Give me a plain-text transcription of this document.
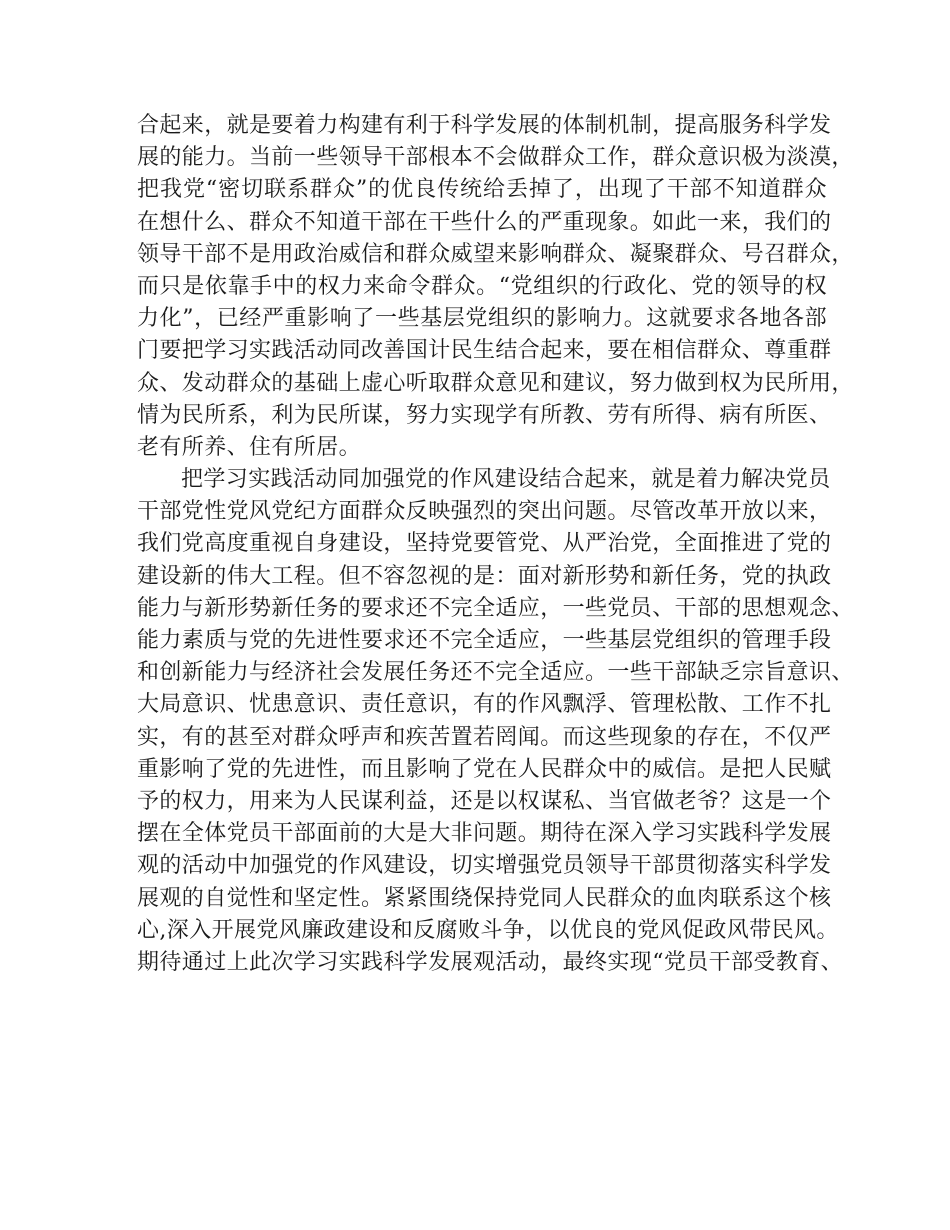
合起来，就是要着力构建有利于科学发展的体制机制，提高服务科学发
展的能力。当前一些领导干部根本不会做群众工作，群众意识极为淡漠，
把我党“密切联系群众”的优良传统给丢掉了，出现了干部不知道群众
在想什么、群众不知道干部在干些什么的严重现象。如此一来，我们的
领导干部不是用政治威信和群众威望来影响群众、凝聚群众、号召群众，
而只是依靠手中的权力来命令群众。“党组织的行政化、党的领导的权
力化”，已经严重影响了一些基层党组织的影响力。这就要求各地各部
门要把学习实践活动同改善国计民生结合起来，要在相信群众、尊重群
众、发动群众的基础上虚心听取群众意见和建议，努力做到权为民所用，
情为民所系，利为民所谋，努力实现学有所教、劳有所得、病有所医、
老有所养、住有所居。
把学习实践活动同加强党的作风建设结合起来，就是着力解决党员
干部党性党风党纪方面群众反映强烈的突出问题。尽管改革开放以来，
我们党高度重视自身建设，坚持党要管党、从严治党，全面推进了党的
建设新的伟大工程。但不容忽视的是：面对新形势和新任务，党的执政
能力与新形势新任务的要求还不完全适应，一些党员、干部的思想观念、
能力素质与党的先进性要求还不完全适应，一些基层党组织的管理手段
和创新能力与经济社会发展任务还不完全适应。一些干部缺乏宗旨意识、
大局意识、忧患意识、责任意识，有的作风飘浮、管理松散、工作不扎
实，有的甚至对群众呼声和疾苦置若罔闻。而这些现象的存在，不仅严
重影响了党的先进性，而且影响了党在人民群众中的威信。是把人民赋
予的权力，用来为人民谋利益，还是以权谋私、当官做老爷？这是一个
摆在全体党员干部面前的大是大非问题。期待在深入学习实践科学发展
观的活动中加强党的作风建设，切实增强党员领导干部贯彻落实科学发
展观的自觉性和坚定性。紧紧围绕保持党同人民群众的血肉联系这个核
心,深入开展党风廉政建设和反腐败斗争，以优良的党风促政风带民风。
期待通过上此次学习实践科学发展观活动，最终实现“党员干部受教育、
